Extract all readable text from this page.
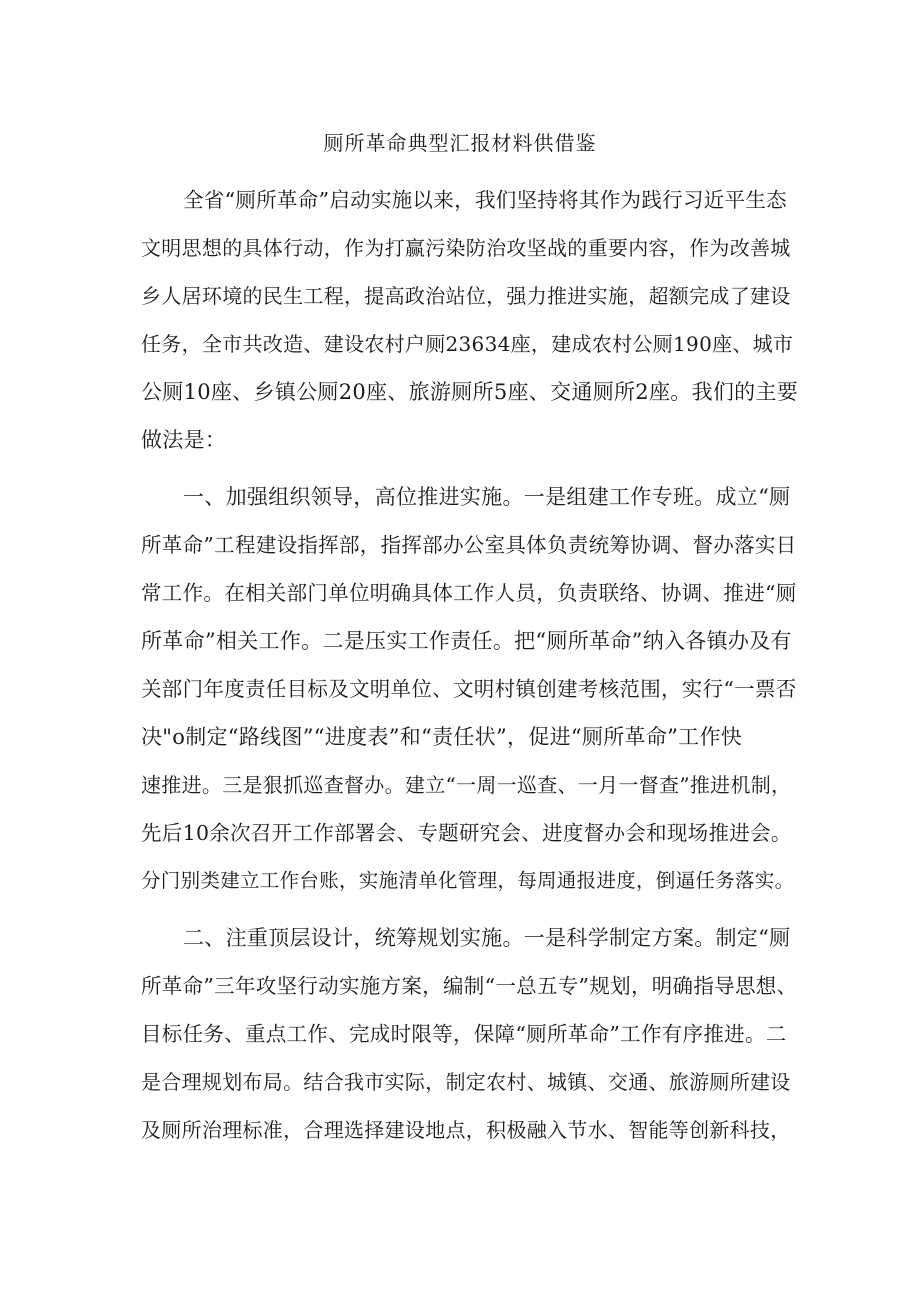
厕所革命典型汇报材料供借鉴
全省“厕所革命”启动实施以来，我们坚持将其作为践行习近平生态
文明思想的具体行动，作为打赢污染防治攻坚战的重要内容，作为改善城
乡人居环境的民生工程，提高政治站位，强力推进实施，超额完成了建设
任务，全市共改造、建设农村户厕23634座，建成农村公厕190座、城市
公厕10座、乡镇公厕20座、旅游厕所5座、交通厕所2座。我们的主要
做法是：
一、加强组织领导，高位推进实施。一是组建工作专班。成立“厕
所革命”工程建设指挥部，指挥部办公室具体负责统筹协调、督办落实日
常工作。在相关部门单位明确具体工作人员，负责联络、协调、推进“厕
所革命”相关工作。二是压实工作责任。把“厕所革命”纳入各镇办及有
关部门年度责任目标及文明单位、文明村镇创建考核范围，实行“一票否
决"o制定“路线图”“进度表”和“责任状”，促进“厕所革命”工作快
速推进。三是狠抓巡查督办。建立“一周一巡查、一月一督查”推进机制，
先后10余次召开工作部署会、专题研究会、进度督办会和现场推进会。
分门别类建立工作台账，实施清单化管理，每周通报进度，倒逼任务落实。
二、注重顶层设计，统筹规划实施。一是科学制定方案。制定“厕
所革命”三年攻坚行动实施方案，编制“一总五专”规划，明确指导思想、
目标任务、重点工作、完成时限等，保障“厕所革命”工作有序推进。二
是合理规划布局。结合我市实际，制定农村、城镇、交通、旅游厕所建设
及厕所治理标准，合理选择建设地点，积极融入节水、智能等创新科技，
